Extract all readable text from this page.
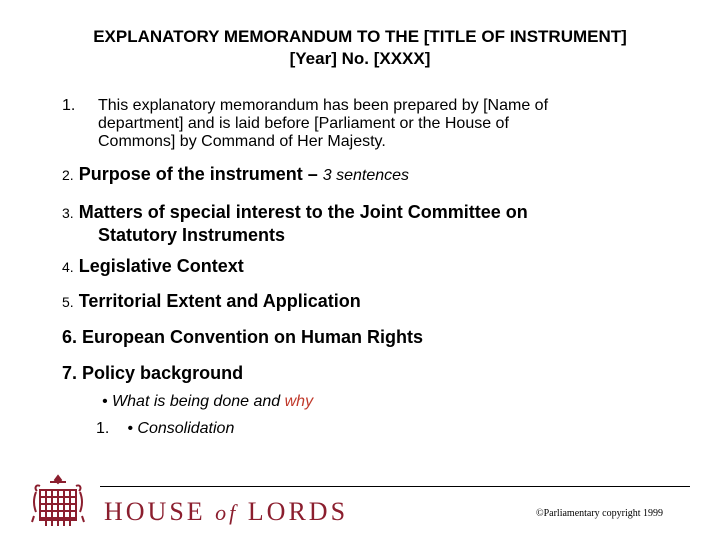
EXPLANATORY MEMORANDUM TO THE [TITLE OF INSTRUMENT]
[Year] No. [XXXX]
1. This explanatory memorandum has been prepared by [Name of
department] and is laid before [Parliament or the House of
Commons] by Command of Her Majesty.
2. Purpose of the instrument – 3 sentences
3. Matters of special interest to the Joint Committee on
Statutory Instruments
4. Legislative Context
5. Territorial Extent and Application
6. European Convention on Human Rights
7. Policy background
• What is being done and why
1. • Consolidation
HOUSE of LORDS	©Parliamentary copyright 1999
